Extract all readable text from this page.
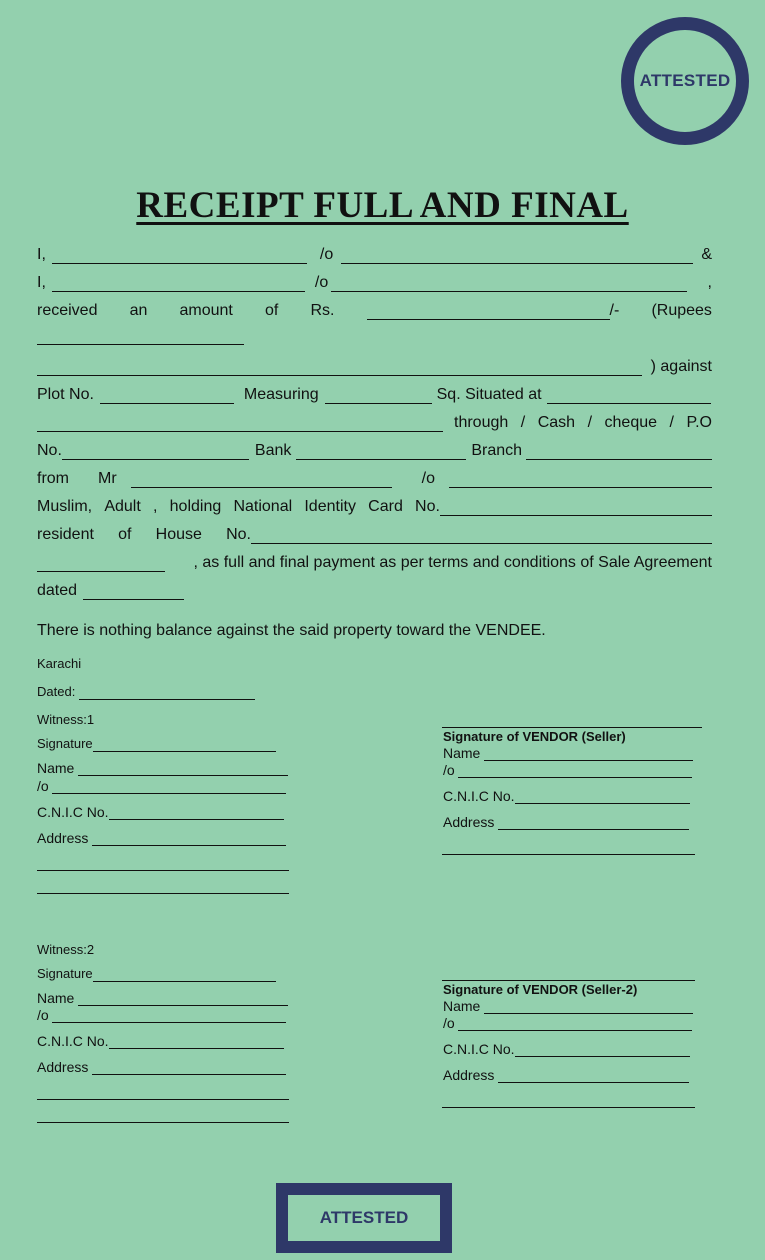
ATTESTED
RECEIPT FULL AND FINAL
I,	/o	&
I,	/o	,
received an amount of Rs.	/- (Rupees
) against
Plot No.	Measuring	Sq. Situated at
through / Cash / cheque / P.O
No.	Bank	Branch
from Mr	/o
Muslim, Adult , holding National Identity Card No.
resident of House No.
, as full and final payment as per terms and conditions of Sale Agreement
dated
There is nothing balance against the said property toward the VENDEE.
Karachi
Dated:
Witness:1
Signature
Name
/o
C.N.I.C No.
Address
Signature of VENDOR (Seller)
Name
/o
C.N.I.C No.
Address
Witness:2
Signature
Name
/o
C.N.I.C No.
Address
Signature of VENDOR (Seller-2)
Name
/o
C.N.I.C No.
Address
ATTESTED
